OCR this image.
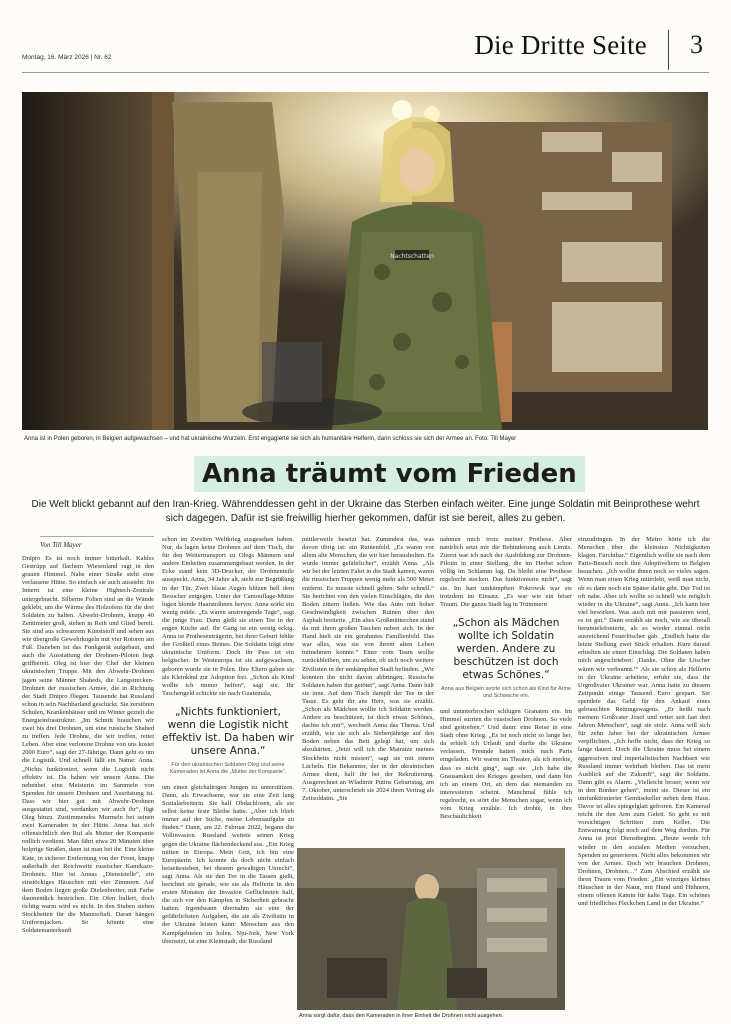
Montag, 16. März 2026 | Nr. 62	Die Dritte Seite 3
Nachtschatten
Anna ist in Polen geboren, in Belgien aufgewachsen – und hat ukrainische Wurzeln. Erst engagierte sie sich als humanitäre Helferin, dann schloss sie sich der Armee an. Foto: Till Mayer
Anna träumt vom Frieden
Die Welt blickt gebannt auf den Iran-Krieg. Währenddessen geht in der Ukraine das Sterben einfach weiter. Eine junge Soldatin mit Beinprothese wehrt sich dagegen. Dafür ist sie freiwillig hierher gekommen, dafür ist sie bereit, alles zu geben.
Von Till Mayer

Dnipro Es ist noch immer bitterkalt. Kahles Gestrüpp auf flachem Wiesenland ragt in den grauen Himmel. Nahe einer Straße steht eine verlassene Hütte. So einfach sie auch aussieht: Im Innern ist eine kleine Hightech-Zentrale untergebracht. Silberne Folien sind an die Wände geklebt, um die Wärme des Holzofens für die drei Soldaten zu halten. Abwehr-Drohnen, knapp 40 Zentimeter groß, stehen in Reih und Glied bereit. Sie sind aus schwarzem Kunststoff und sehen aus wie übergroße Gewehrkugeln mit vier Rotoren am Fuß. Daneben ist das Funkgerät aufgebaut, und auch die Ausstattung der Drohnen-Piloten liegt griffbereit. Oleg ist hier der Chef der kleinen ukrainischen Truppe. Mit den Abwehr-Drohnen jagen seine Männer Shaheds, die Langstrecken-Drohnen der russischen Armee, die in Richtung der Stadt Dnipro fliegen. Tausende hat Russland schon in sein Nachbarland geschickt. Sie zerstören Schulen, Krankenhäuser und im Winter gezielt die Energieinfrastruktur. „Im Schnitt brauchen wir zwei bis drei Drohnen, um eine russische Shahed zu treffen. Jede Drohne, die wir treffen, rettet Leben. Aber eine verlorene Drohne von uns kostet 2000 Euro“, sagt der 27-Jährige. Dann geht es um die Logistik. Und schnell fällt ein Name: Anna. „Nichts funktioniert, wenn die Logistik nicht effektiv ist. Da haben wir unsere Anna. Die nebenbei eine Meisterin im Sammeln von Spenden für unsere Drohnen und Ausrüstung ist. Dass wir hier gut mit Abwehr-Drohnen ausgestattet sind, verdanken wir auch ihr“, fügt Oleg hinzu. Zustimmendes Murmeln bei seinen zwei Kameraden in der Hütte. Anna hat sich offensichtlich den Ruf als Mutter der Kompanie redlich verdient. Man fährt etwa 20 Minuten über holprige Straßen, dann ist man bei ihr. Eine kleine Kate, in sicherer Entfernung von der Front, knapp außerhalb der Reichweite russischer Kamikaze-Drohnen. Hier ist Annas „Dienststelle“, ein einstöckiges Häuschen mit vier Zimmern. Auf dem Boden liegen große Dielenbretter, mit Farbe daumendick bestrichen. Ein Ofen bullert, doch richtig warm wird es nicht. In den Stuben stehen Stockbetten für die Mannschaft. Daran hängen Uniformjacken. So könnte eine Soldatenunterkunft

schon im Zweiten Weltkrieg ausgesehen haben. Nur, da lagen keine Drohnen auf dem Tisch, die für den Weitertransport zu Olegs Männern und andere Einheiten zusammengebaut werden. In der Ecke stand kein 3D-Drucker, der Drohnenteile ausspuckt. Anna, 34 Jahre alt, steht zur Begrüßung in der Tür. Zwei blaue Augen blitzen hell dem Besucher entgegen. Unter der Camouflage-Mütze lugen blonde Haarsträhnen hervor. Anna wirkt ein wenig müde. „Es waren anstrengende Tage“, sagt die junge Frau. Dann gießt sie einen Tee in der engen Küche auf. Ihr Gang ist ein wenig eckig. Anna ist Prothesenträgerin, bei ihrer Geburt fehlte der Großteil eines Beines. Die Soldatin trägt eine ukrainische Uniform. Doch ihr Pass ist ein belgischer. In Westeuropa ist sie aufgewachsen, geboren wurde sie in Polen. Ihre Eltern gaben sie als Kleinkind zur Adoption frei. „Schon als Kind wollte ich immer helfen“, sagt sie. Ihr Taschengeld schickte sie nach Guatemala,

„Nichts funktioniert, wenn die Logistik nicht effektiv ist. Da haben wir unsere Anna.“
Für den ukrainischen Soldaten Oleg und seine Kameraden ist Anna die „Mutter der Kompanie“.

um einen gleichaltrigen Jungen zu unterstützen. Dann, als Erwachsene, war sie eine Zeit lang Sozialarbeiterin. Sie half Obdachlosen, als sie selbst keine feste Bleibe hatte. „Aber ich blieb immer auf der Suche, meine Lebensaufgabe zu finden.“ Dann, am 22. Februar 2022, begann die Vollinvasion. Russland weitete seinen Krieg gegen die Ukraine flächendeckend aus. „Ein Krieg mitten in Europa. Mein Gott, ich bin eine Europäerin. Ich konnte da doch nicht einfach beiseitestehen, bei diesem gewaltigen Unrecht“, sagt Anna. Als sie den Tee in die Tassen gießt, berichtet sie gerade, wie sie als Helferin in den ersten Monaten der Invasion Geflüchteten half, die sich vor den Kämpfen in Sicherheit gebracht hatten. Irgendwann übernahm sie eine der gefährlichsten Aufgaben, die sie als Zivilistin in der Ukraine leisten kann: Menschen aus den Kampfgebieten zu holen. Nju-Jork, New York übersetzt, ist eine Kleinstadt, die Russland

mittlerweile besetzt hat. Zumindest das, was davon übrig ist: ein Ruinenfeld. „Es waren vor allem alte Menschen, die wir hier herausholten. Es wurde immer gefährlicher“, erzählt Anna. „Als wir bei der letzten Fahrt in die Stadt kamen, waren die russischen Truppen wenig mehr als 500 Meter entfernt. Es musste schnell gehen. Sehr schnell.“ Sie berichtet von den vielen Einschlägen, die den Boden zittern ließen. Wie das Auto mit hoher Geschwindigkeit zwischen Ruinen über den Asphalt bretterte. „Ein altes Großmütterchen stand da mit ihren großen Taschen neben sich. In der Hand hielt sie ein gerahmtes Familienbild. Das war alles, was sie von ihrem alten Leben mitnehmen konnte.“ Einer vom Team wollte zurückbleiben, um zu sehen, ob sich noch weitere Zivilisten in der umkämpften Stadt befinden. „Wir konnten ihn nicht davon abbringen. Russische Soldaten haben ihn getötet“, sagt Anna. Dann hält sie inne. Auf dem Tisch dampft der Tee in der Tasse. Es geht ihr ans Herz, was sie erzählt. „Schon als Mädchen wollte ich Soldatin werden. Andere zu beschützen, ist doch etwas Schönes, dachte ich mir“, wechselt Anna das Thema. Und erzählt, wie sie sich als Siebenjährige auf den Boden neben das Bett gelegt hat, um sich abzuhärten. „Jetzt will ich die Matratze meines Stockbetts nicht missen“, sagt sie mit einem Lächeln. Ein Bekannter, der in der ukrainischen Armee dient, half ihr bei der Rekrutierung. Ausgerechnet an Wladimir Putins Geburtstag, am 7. Oktober, unterschrieb sie 2024 ihren Vertrag als Zeitsoldatin. „Sie

nahmen mich trotz meiner Prothese. Aber natürlich setzt mir die Behinderung auch Limits. Zuerst war ich nach der Ausbildung zur Drohnen-Pilotin in einer Stellung, die im Herbst schon völlig im Schlamm lag. Da bleibt eine Prothese regelrecht stecken. Das funktionierte nicht“, sagt sie. Im hart umkämpften Pokrowsk war sie trotzdem im Einsatz. „Es war wie ein böser Traum. Die ganze Stadt lag in Trümmern

„Schon als Mädchen wollte ich Soldatin werden. Andere zu beschützen ist doch etwas Schönes.“
Anna aus Belgien setzte sich schon als Kind für Arme und Schwache ein.

und ununterbrochen schlugen Granaten ein. Im Himmel surrten die russischen Drohnen. So viele sind gestorben.“ Und dann: eine Reise in eine Stadt ohne Krieg. „Es ist noch nicht so lange her, da erhielt ich Urlaub und durfte die Ukraine verlassen. Freunde hatten mich nach Paris eingeladen. Wir waren im Theater, als ich merkte, dass es nicht ging“, sagt sie. „Ich habe die Grausamkeit des Krieges gesehen, und dann bin ich an einem Ort, an dem das niemanden zu interessieren scheint. Manchmal fühle ich regelrecht, es stört die Menschen sogar, wenn ich vom Krieg erzähle. Ich drohte, in ihre Beschaulichkeit

einzudringen. In der Metro hörte ich die Menschen über die kleinsten Nichtigkeiten klagen. Furchtbar.“ Eigentlich wollte sie nach dem Paris-Besuch noch ihre Adoptiveltern in Belgien besuchen. „Ich wollte ihnen noch so vieles sagen. Wenn man einen Krieg miterlebt, weiß man nicht, ob es dann noch ein Später dafür gibt. Der Tod ist oft nahe. Aber ich wollte so schnell wie möglich wieder in die Ukraine“, sagt Anna. „Ich kann hier viel bewirken. Was auch mit mir passieren wird, es ist gut.“ Dann erzählt sie noch, wie sie überall herumtelefonierte, als es wieder einmal nicht ausreichend Feuerlöscher gab. „Endlich hatte die letzte Stellung zwei Stück erhalten. Kurz darauf erhielten sie einen Einschlag. Die Soldaten haben mich angeschrieben: ‚Danke. Ohne die Löscher wären wir verbrannt.‘“ Als sie schon als Helferin in der Ukraine arbeitete, erfuhr sie, dass ihr Urgroßvater Ukrainer war. Anna hatte zu diesem Zeitpunkt einige Tausend Euro gespart. Sie spendete das Geld für den Ankauf eines gebrauchten Rettungswagens. „Er heißt nach meinem Großvater Josef und rettet seit fast drei Jahren Menschen“, sagt sie stolz. Anna will sich für zehn Jahre bei der ukrainischen Armee verpflichten. „Ich hoffe nicht, dass der Krieg so lange dauert. Doch die Ukraine muss bei einem aggressiven und imperialistischen Nachbarn wie Russland immer wehrhaft bleiben. Das ist mein Ausblick auf die Zukunft“, sagt die Soldatin. Dann gibt es Alarm. „Vielleicht besser, wenn wir in den Bunker gehen“, meint sie. Dieser ist ein umfunktionierter Gemüsekeller neben dem Haus. Davor ist alles spiegelglatt gefroren. Ein Kamerad reicht ihr den Arm zum Geleit. So geht es mit vorsichtigen Schritten zum Keller. Die Entwarnung folgt noch auf dem Weg dorthin. Für Anna ist jetzt Dienstbeginn. „Heute werde ich wieder in den sozialen Medien versuchen, Spenden zu generieren. Nicht alles bekommen wir von der Armee. Doch wir brauchen Drohnen, Drohnen, Drohnen…“ Zum Abschied erzählt sie ihren Traum vom Frieden: „Ein winziges kleines Häuschen in der Natur, mit Hund und Hühnern, einem offenen Kamin für kalte Tage. Ein schönes und friedliches Fleckchen Land in der Ukraine.“

Anna sorgt dafür, dass den Kameraden in ihrer Einheit die Drohnen nicht ausgehen.
